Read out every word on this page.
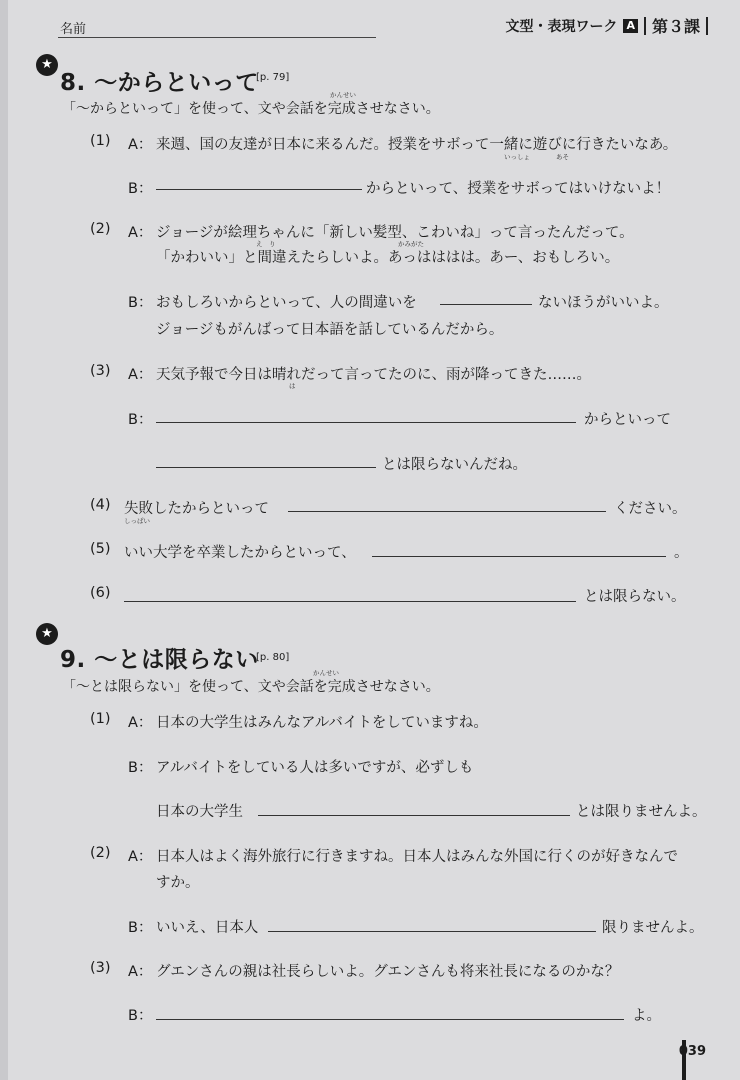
名前	文型・表現ワーク A 第３課
★
8. ～からといって
[p. 79]
かんせい
「～からといって」を使って、文や会話を完成させなさい。
(1) A： 来週、国の友達が日本に来るんだ。授業をサボって一緒に遊びに行きたいなあ。
いっしょ	あそ
B：	からといって、授業をサボってはいけないよ！
(2) A： ジョージが絵理ちゃんに「新しい髪型、こわいね」って言ったんだって。
え　り	かみがた
「かわいい」と間違えたらしいよ。あっはははは。あー、おもしろい。
B： おもしろいからといって、人の間違いを	ないほうがいいよ。
ジョージもがんばって日本語を話しているんだから。
(3) A： 天気予報で今日は晴れだって言ってたのに、雨が降ってきた……。
は
B：	からといって
とは限らないんだね。
(4) 失敗したからといって
しっぱい
ください。
(5) いい大学を卒業したからといって、	。
(6)	とは限らない。
★
9. ～とは限らない
[p. 80]
かんせい
「～とは限らない」を使って、文や会話を完成させなさい。
(1) A： 日本の大学生はみんなアルバイトをしていますね。
B： アルバイトをしている人は多いですが、必ずしも
日本の大学生	とは限りませんよ。
(2) A： 日本人はよく海外旅行に行きますね。日本人はみんな外国に行くのが好きなんで
すか。
B： いいえ、日本人	限りませんよ。
(3) A： グエンさんの親は社長らしいよ。グエンさんも将来社長になるのかな？
B：	よ。
039
